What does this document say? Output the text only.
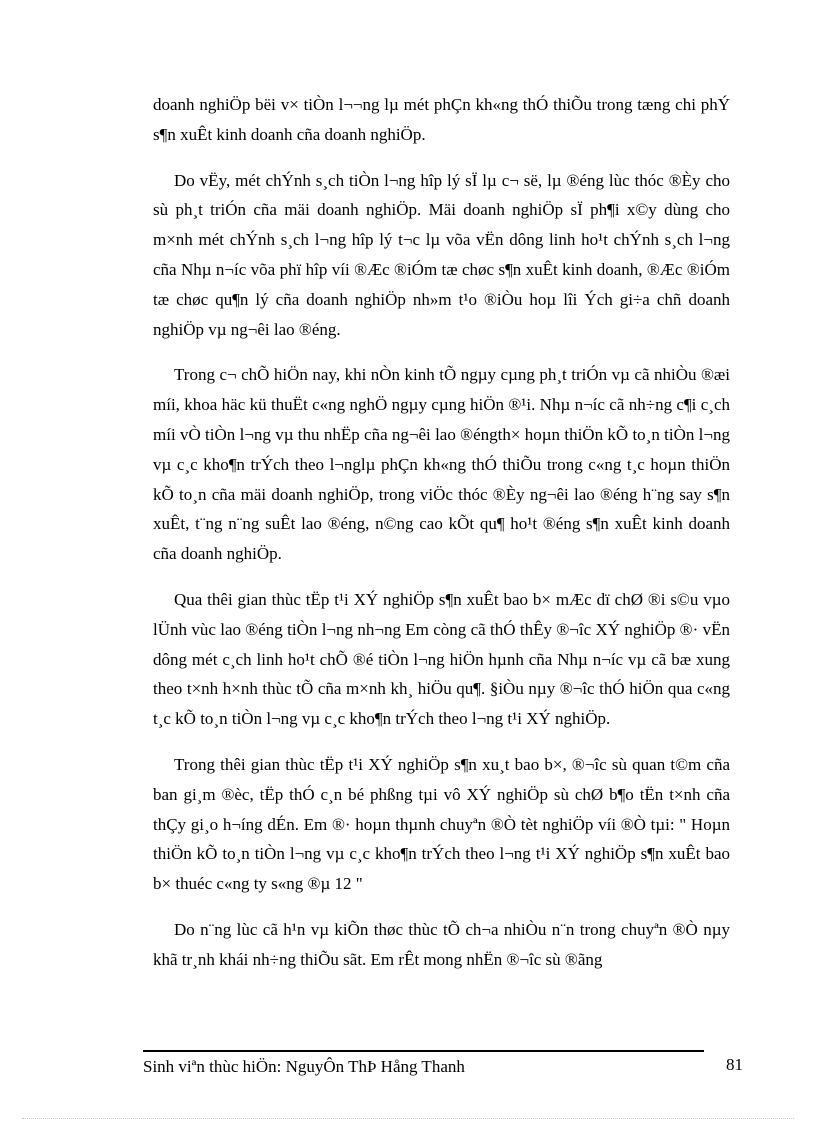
doanh nghiÖp bëi v× tiÒn l¬¬ng lµ mét phÇn kh«ng thÓ thiÕu trong tæng chi phÝ s¶n xuÊt kinh doanh cña doanh nghiÖp.

Do vËy, mét chÝnh s¸ch tiÒn l¬ng hîp lý sÏ lµ c¬ së, lµ ®éng lùc thóc ®Èy cho sù ph¸t triÓn cña mäi doanh nghiÖp. Mäi doanh nghiÖp sÏ ph¶i x©y dùng cho m×nh mét chÝnh s¸ch l¬ng hîp lý t¬c lµ võa vËn dông linh ho¹t chÝnh s¸ch l¬ng cña Nhµ n¬íc võa phï hîp víi ®Æc ®iÓm tæ chøc s¶n xuÊt kinh doanh, ®Æc ®iÓm tæ chøc qu¶n lý cña doanh nghiÖp nh»m t¹o ®iÒu hoµ lîi Ých gi÷a chñ doanh nghiÖp vµ ng¬êi lao ®éng.

Trong c¬ chÕ hiÖn nay, khi nÒn kinh tÕ ngµy cµng ph¸t triÓn vµ cã nhiÒu ®æi míi, khoa häc kü thuËt c«ng nghÖ ngµy cµng hiÖn ®¹i. Nhµ n¬íc cã nh÷ng c¶i c¸ch míi vÒ tiÒn l¬ng vµ thu nhËp cña ng¬êi lao ®éngth× hoµn thiÖn kÕ to¸n tiÒn l¬ng vµ c¸c kho¶n trÝch theo l¬nglµ phÇn kh«ng thÓ thiÕu trong c«ng t¸c hoµn thiÖn kÕ to¸n cña mäi doanh nghiÖp, trong viÖc thóc ®Èy ng¬êi lao ®éng h¨ng say s¶n xuÊt, t¨ng n¨ng suÊt lao ®éng, n©ng cao kÕt qu¶ ho¹t ®éng s¶n xuÊt kinh doanh cña doanh nghiÖp.

Qua thêi gian thùc tËp t¹i XÝ nghiÖp s¶n xuÊt bao b× mÆc dï chØ ®i s©u vµo lÜnh vùc lao ®éng tiÒn l¬ng nh¬ng Em còng cã thÓ thÊy ®¬îc XÝ nghiÖp ®· vËn dông mét c¸ch linh ho¹t chÕ ®é tiÒn l¬ng hiÖn hµnh cña Nhµ n¬íc vµ cã bæ xung theo t×nh h×nh thùc tÕ cña m×nh kh¸ hiÖu qu¶. §iÒu nµy ®¬îc thÓ hiÖn qua c«ng t¸c kÕ to¸n tiÒn l¬ng vµ c¸c kho¶n trÝch theo l¬ng t¹i XÝ nghiÖp.

Trong thêi gian thùc tËp t¹i XÝ nghiÖp s¶n xu¸t bao b×, ®¬îc sù quan t©m cña ban gi¸m ®èc, tËp thÓ c¸n bé phßng tµi vô XÝ nghiÖp sù chØ b¶o tËn t×nh cña thÇy gi¸o h¬íng dÉn. Em ®· hoµn thµnh chuyªn ®Ò tèt nghiÖp víi ®Ò tµi: " Hoµn thiÖn kÕ to¸n tiÒn l¬ng vµ c¸c kho¶n trÝch theo l¬ng t¹i XÝ nghiÖp s¶n xuÊt bao b× thuéc c«ng ty s«ng ®µ 12 "

Do n¨ng lùc cã h¹n vµ kiÕn thøc thùc tÕ ch¬a nhiÒu n¨n trong chuyªn ®Ò nµy khã tr¸nh khái nh÷ng thiÕu sãt. Em rÊt mong nhËn ®¬îc sù ®ãng

Sinh viªn thùc hiÖn: NguyÔn ThÞ Hång Thanh	81
